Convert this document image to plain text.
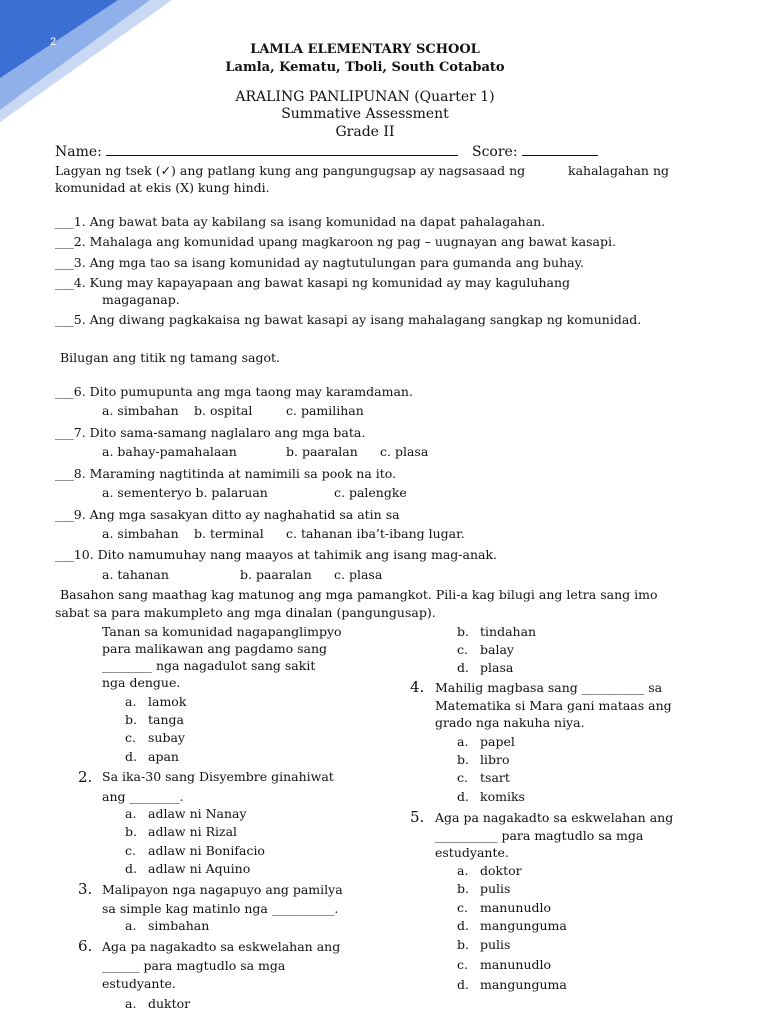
2	LAMLA ELEMENTARY SCHOOL
Lamla, Kematu, Tboli, South Cotabato
ARALING PANLIPUNAN (Quarter 1)
Summative Assessment
Grade II
Name:	Score:
Lagyan ng tsek (✓) ang patlang kung ang pangungugsap ay nagsasaad ng	kahalagahan ng
komunidad at ekis (X) kung hindi.
___1. Ang bawat bata ay kabilang sa isang komunidad na dapat pahalagahan.
___2. Mahalaga ang komunidad upang magkaroon ng pag – uugnayan ang bawat kasapi.
___3. Ang mga tao sa isang komunidad ay nagtutulungan para gumanda ang buhay.
___4. Kung may kapayapaan ang bawat kasapi ng komunidad ay may kaguluhang
magaganap.
___5. Ang diwang pagkakaisa ng bawat kasapi ay isang mahalagang sangkap ng komunidad.
Bilugan ang titik ng tamang sagot.
___6. Dito pumupunta ang mga taong may karamdaman.
a. simbahan b. ospital	c. pamilihan
___7. Dito sama-samang naglalaro ang mga bata.
a. bahay-pamahalaan	b. paaralan c. plasa
___8. Maraming nagtitinda at namimili sa pook na ito.
a. sementeryo b. palaruan	c. palengke
___9. Ang mga sasakyan ditto ay naghahatid sa atin sa
a. simbahan b. terminal c. tahanan iba’t-ibang lugar.
___10. Dito namumuhay nang maayos at tahimik ang isang mag-anak.
a. tahanan	b. paaralan c. plasa
Basahon sang maathag kag matunog ang mga pamangkot. Pili-a kag bilugi ang letra sang imo
sabat sa para makumpleto ang mga dinalan (pangungusap).
Tanan sa komunidad nagapanglimpyo
para malikawan ang pagdamo sang
________ nga nagadulot sang sakit
nga dengue.
a. lamok
b. tanga
c. subay
d. apan
2. Sa ika-30 sang Disyembre ginahiwat
ang ________.
a. adlaw ni Nanay
b. adlaw ni Rizal
c. adlaw ni Bonifacio
d. adlaw ni Aquino
3. Malipayon nga nagapuyo ang pamilya
sa simple kag matinlo nga __________.
a. simbahan
6. Aga pa nagakadto sa eskwelahan ang
______ para magtudlo sa mga
estudyante.
a. duktor
b. tindahan
c. balay
d. plasa
4. Mahilig magbasa sang __________ sa
Matematika si Mara gani mataas ang
grado nga nakuha niya.
a. papel
b. libro
c. tsart
d. komiks
5. Aga pa nagakadto sa eskwelahan ang
__________ para magtudlo sa mga
estudyante.
a. doktor
b. pulis
c. manunudlo
d. mangunguma
b. pulis
c. manunudlo
d. mangunguma
